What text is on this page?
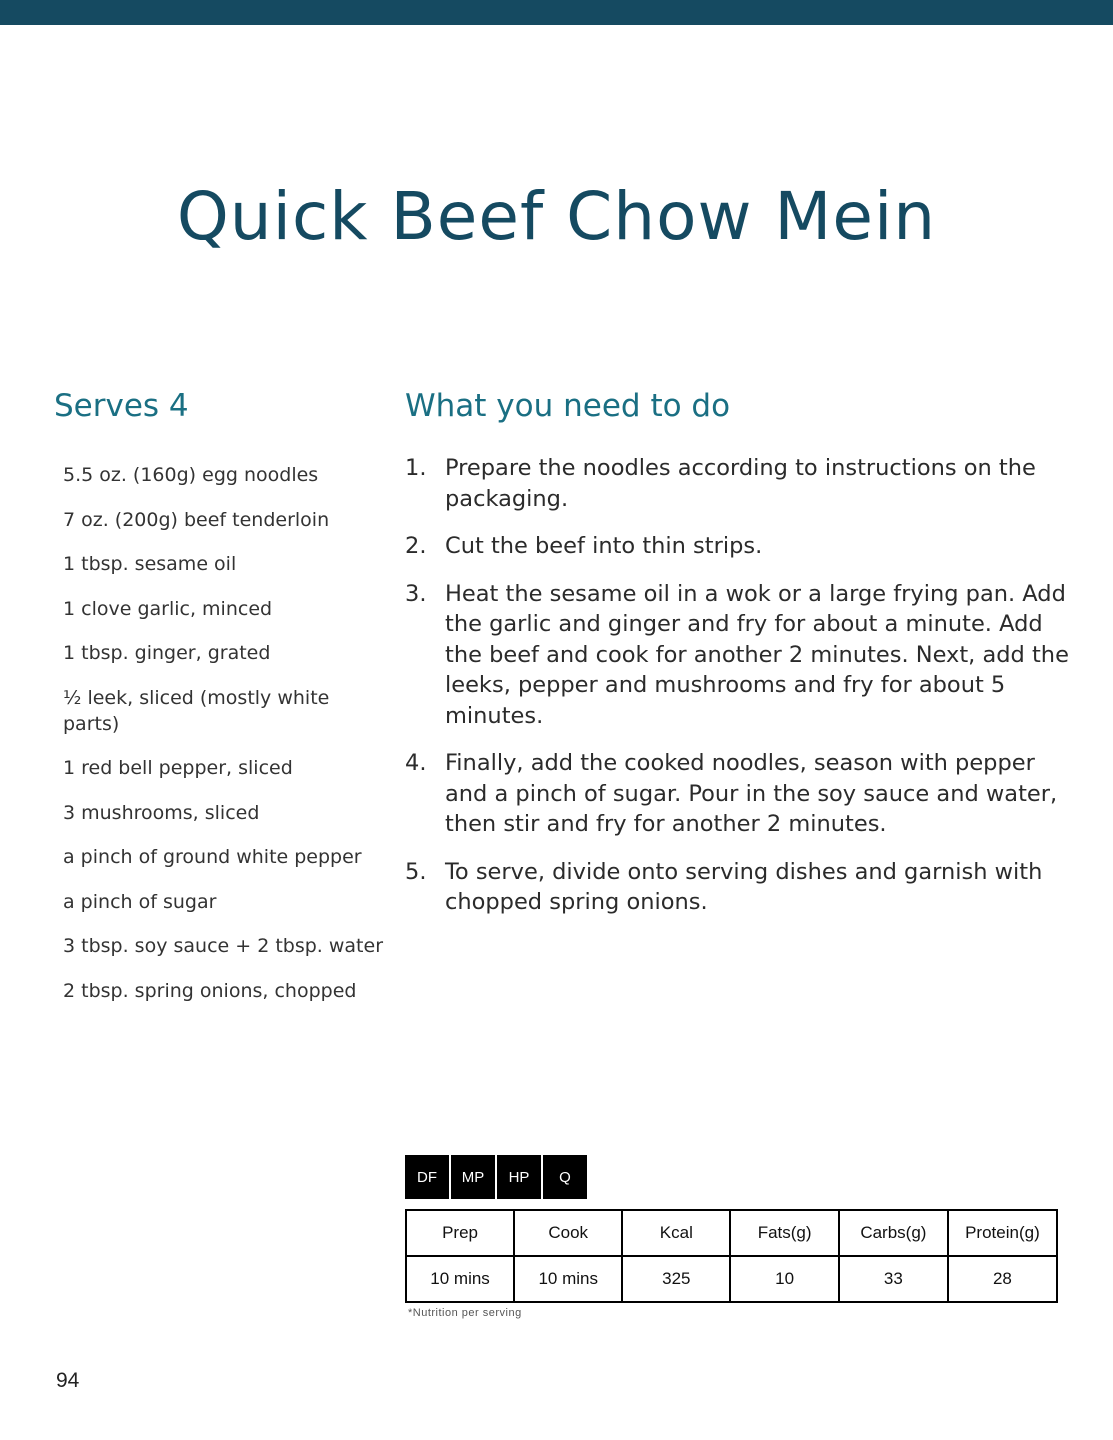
Quick Beef Chow Mein
Serves 4
5.5 oz. (160g) egg noodles
7 oz. (200g) beef tenderloin
1 tbsp. sesame oil
1 clove garlic, minced
1 tbsp. ginger, grated
½ leek, sliced (mostly white parts)
1 red bell pepper, sliced
3 mushrooms, sliced
a pinch of ground white pepper
a pinch of sugar
3 tbsp. soy sauce + 2 tbsp. water
2 tbsp. spring onions, chopped
What you need to do
1. Prepare the noodles according to instructions on the packaging.
2. Cut the beef into thin strips.
3. Heat the sesame oil in a wok or a large frying pan. Add the garlic and ginger and fry for about a minute. Add the beef and cook for another 2 minutes. Next, add the leeks, pepper and mushrooms and fry for about 5 minutes.
4. Finally, add the cooked noodles, season with pepper and a pinch of sugar. Pour in the soy sauce and water, then stir and fry for another 2 minutes.
5. To serve, divide onto serving dishes and garnish with chopped spring onions.
DF	MP	HP	Q
Prep	Cook	Kcal	Fats(g)	Carbs(g)	Protein(g)
10 mins	10 mins	325	10	33	28
*Nutrition per serving
94
